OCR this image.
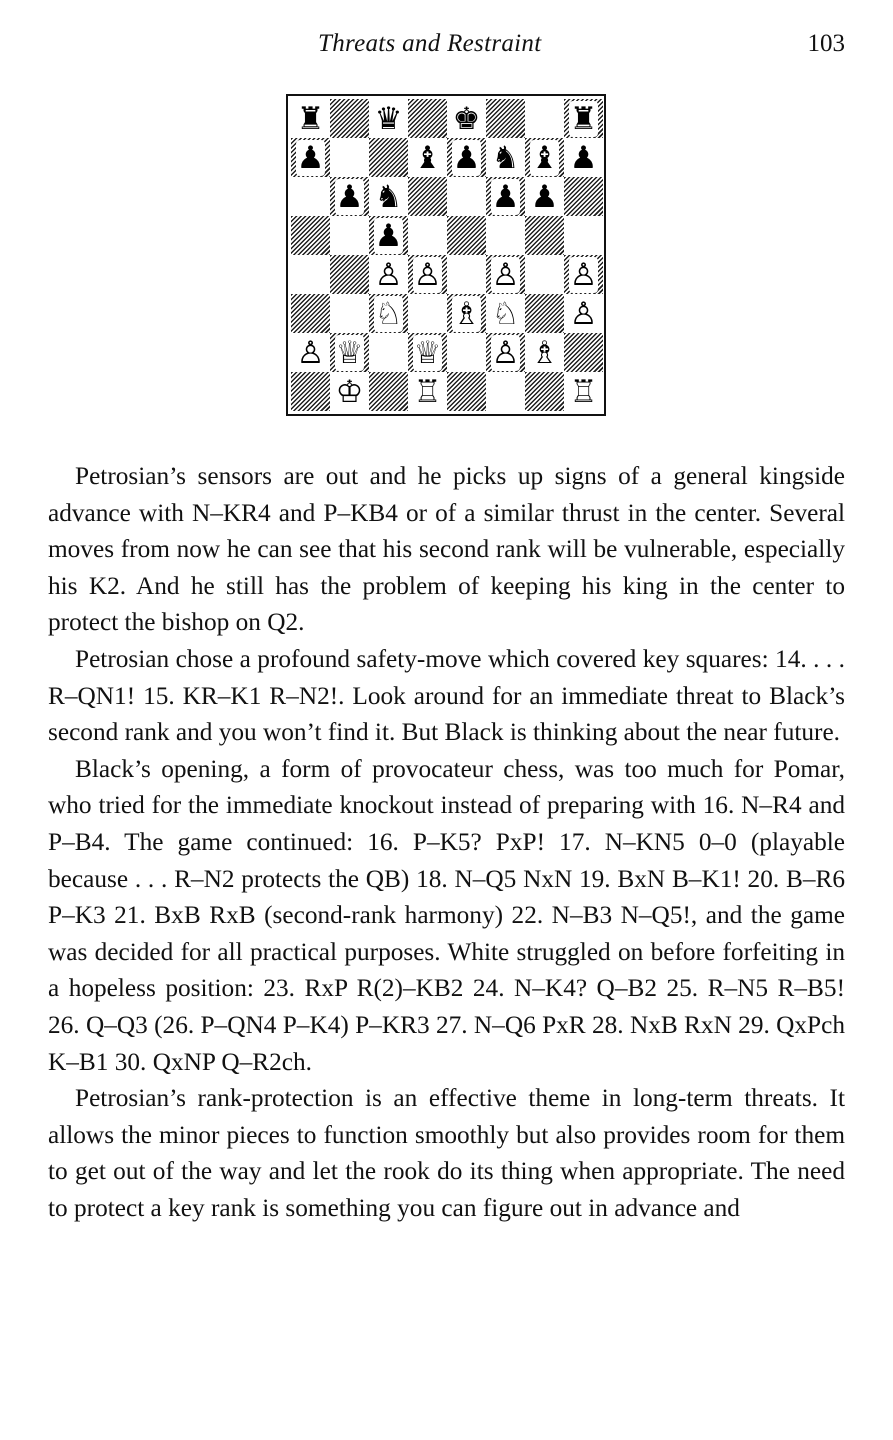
Threats and Restraint	103
♜ ♛ ♚	♜
♟	♝ ♟ ♞ ♝ ♟
♟ ♞	♟ ♟
♟
♙ ♙ ♙ ♙
♘ ♗ ♘ ♙
♙ ♕ ♕ ♙ ♗
♔ ♖	♖

Petrosian’s sensors are out and he picks up signs of a general kingside advance with N–KR4 and P–KB4 or of a similar thrust in the center. Several moves from now he can see that his second rank will be vulnerable, especially his K2. And he still has the problem of keeping his king in the center to protect the bishop on Q2.

Petrosian chose a profound safety-move which covered key squares: 14. . . . R–QN1! 15. KR–K1 R–N2!. Look around for an immediate threat to Black’s second rank and you won’t find it. But Black is thinking about the near future.

Black’s opening, a form of provocateur chess, was too much for Pomar, who tried for the immediate knockout instead of preparing with 16. N–R4 and P–B4. The game continued: 16. P–K5? PxP! 17. N–KN5 0–0 (playable because . . . R–N2 protects the QB) 18. N–Q5 NxN 19. BxN B–K1! 20. B–R6 P–K3 21. BxB RxB (second-rank harmony) 22. N–B3 N–Q5!, and the game was decided for all practical purposes. White struggled on before forfeiting in a hopeless position: 23. RxP R(2)–KB2 24. N–K4? Q–B2 25. R–N5 R–B5! 26. Q–Q3 (26. P–QN4 P–K4) P–KR3 27. N–Q6 PxR 28. NxB RxN 29. QxPch K–B1 30. QxNP Q–R2ch.

Petrosian’s rank-protection is an effective theme in long-term threats. It allows the minor pieces to function smoothly but also provides room for them to get out of the way and let the rook do its thing when appropriate. The need to protect a key rank is something you can figure out in advance and
